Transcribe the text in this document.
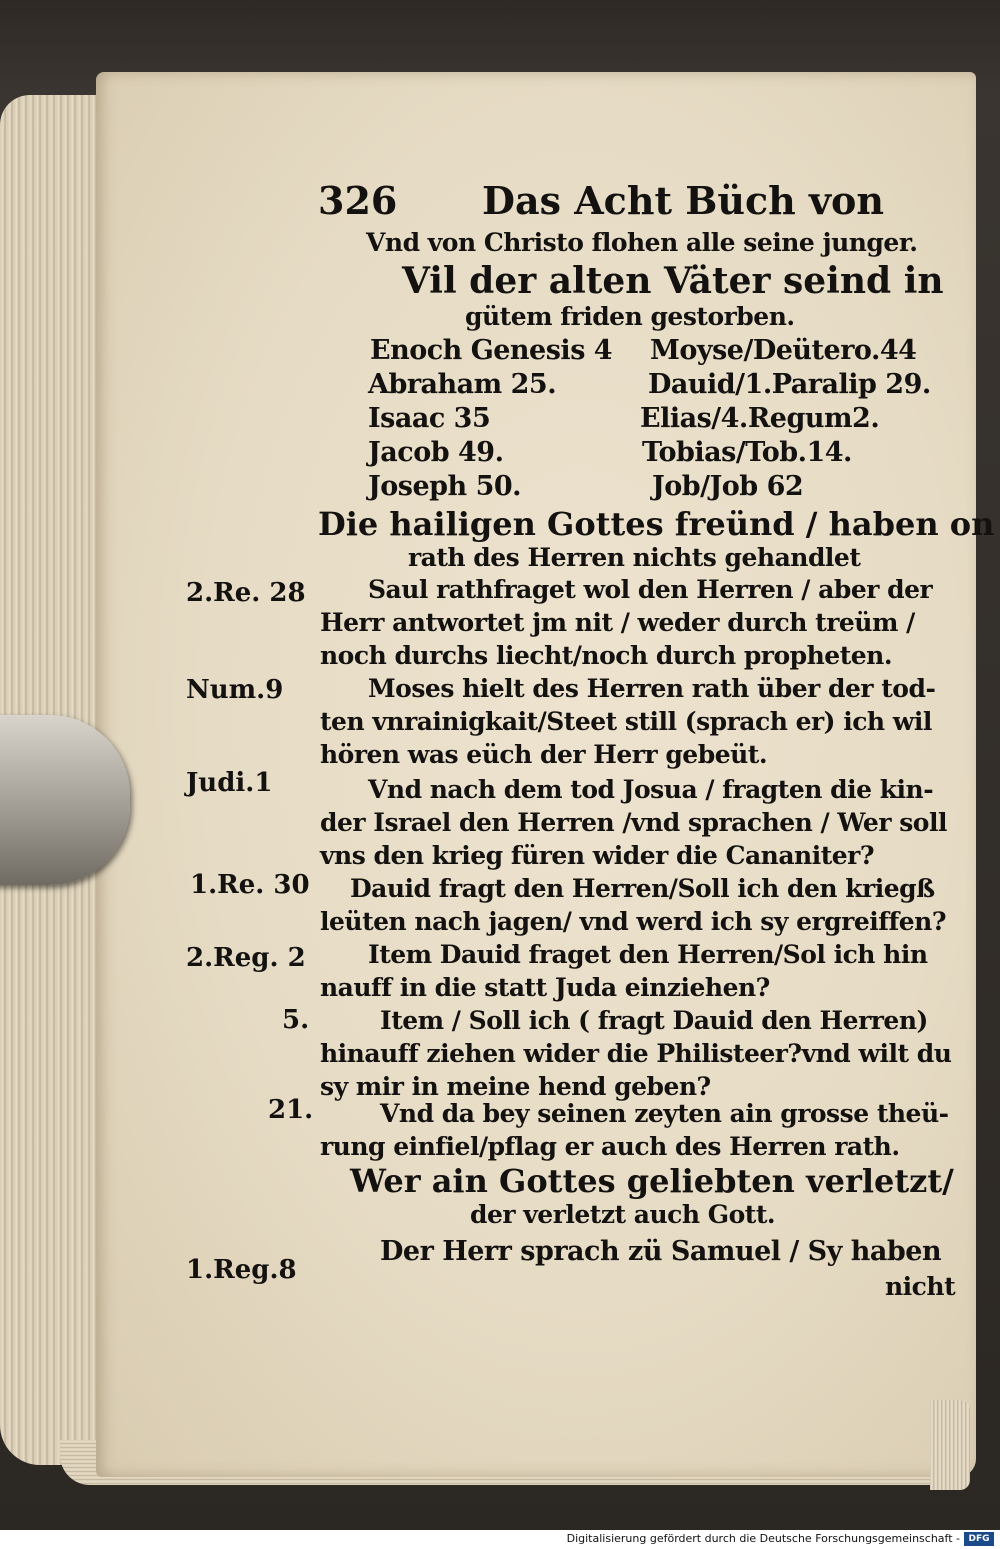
326 Das Acht Büch von
Vnd von Christo flohen alle seine junger.
Vil der alten Väter seind in
gütem friden gestorben.
Enoch Genesis 4 Moyse/Deütero.44
Abraham 25.	Dauid/1.Paralip 29.
Isaac 35	Elias/4.Regum2.
Jacob 49.	Tobias/Tob.14.
Joseph 50.	Job/Job 62
Die hailigen Gottes freünd / haben on
rath des Herren nichts gehandlet
2.Re. 28
Num.9
Judi.1
1.Re. 30
2.Reg. 2
5.
21.
1.Reg.8
Saul rathfraget wol den Herren / aber der
Herr antwortet jm nit / weder durch treüm /
noch durchs liecht/noch durch propheten.
Moses hielt des Herren rath über der tod-
ten vnrainigkait/Steet still (sprach er) ich wil
hören was eüch der Herr gebeüt.
Vnd nach dem tod Josua / fragten die kin-
der Israel den Herren /vnd sprachen / Wer soll
vns den krieg füren wider die Cananiter?
Dauid fragt den Herren/Soll ich den kriegß
leüten nach jagen/ vnd werd ich sy ergreiffen?
Item Dauid fraget den Herren/Sol ich hin
nauff in die statt Juda einziehen?
Item / Soll ich ( fragt Dauid den Herren)
hinauff ziehen wider die Philisteer?vnd wilt du
sy mir in meine hend geben?
Vnd da bey seinen zeyten ain grosse theü-
rung einfiel/pflag er auch des Herren rath.
Wer ain Gottes geliebten verletzt/
der verletzt auch Gott.
Der Herr sprach zü Samuel / Sy haben
nicht
Digitalisierung gefördert durch die Deutsche Forschungsgemeinschaft - DFG
